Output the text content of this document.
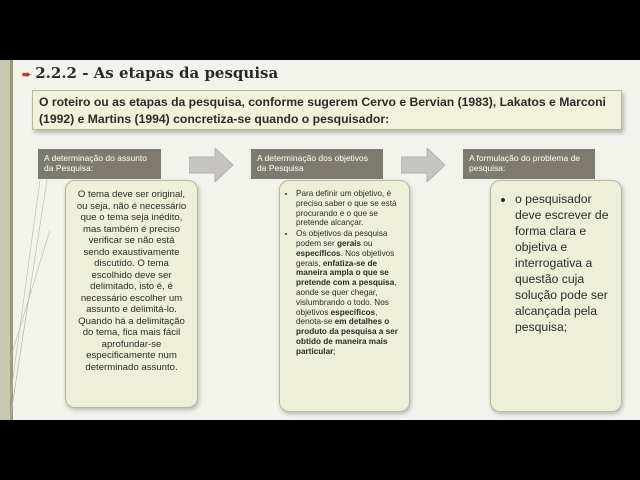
➨ 2.2.2 - As etapas da pesquisa
O roteiro ou as etapas da pesquisa, conforme sugerem Cervo e Bervian (1983), Lakatos e Marconi (1992) e Martins (1994) concretiza-se quando o pesquisador:
A determinação do assunto da Pesquisa:
O tema deve ser original, ou seja, não é necessário que o tema seja inédito, mas também é preciso verificar se não está sendo exaustivamente discutido. O tema escolhido deve ser delimitado, isto é, é necessário escolher um assunto e delimitá-lo. Quando há a delimitação do tema, fica mais fácil aprofundar-se especificamente num determinado assunto.
A determinação dos objetivos da Pesquisa
• Para definir um objetivo, é preciso saber o que se está procurando e o que se pretende alcançar.
• Os objetivos da pesquisa podem ser gerais ou específicos. Nos objetivos gerais, enfatiza-se de maneira ampla o que se pretende com a pesquisa, aonde se quer chegar, vislumbrando o todo. Nos objetivos específicos, denota-se em detalhes o produto da pesquisa a ser obtido de maneira mais particular;
A formulação do problema de pesquisa:
• o pesquisador deve escrever de forma clara e objetiva e interrogativa a questão cuja solução pode ser alcançada pela pesquisa;
